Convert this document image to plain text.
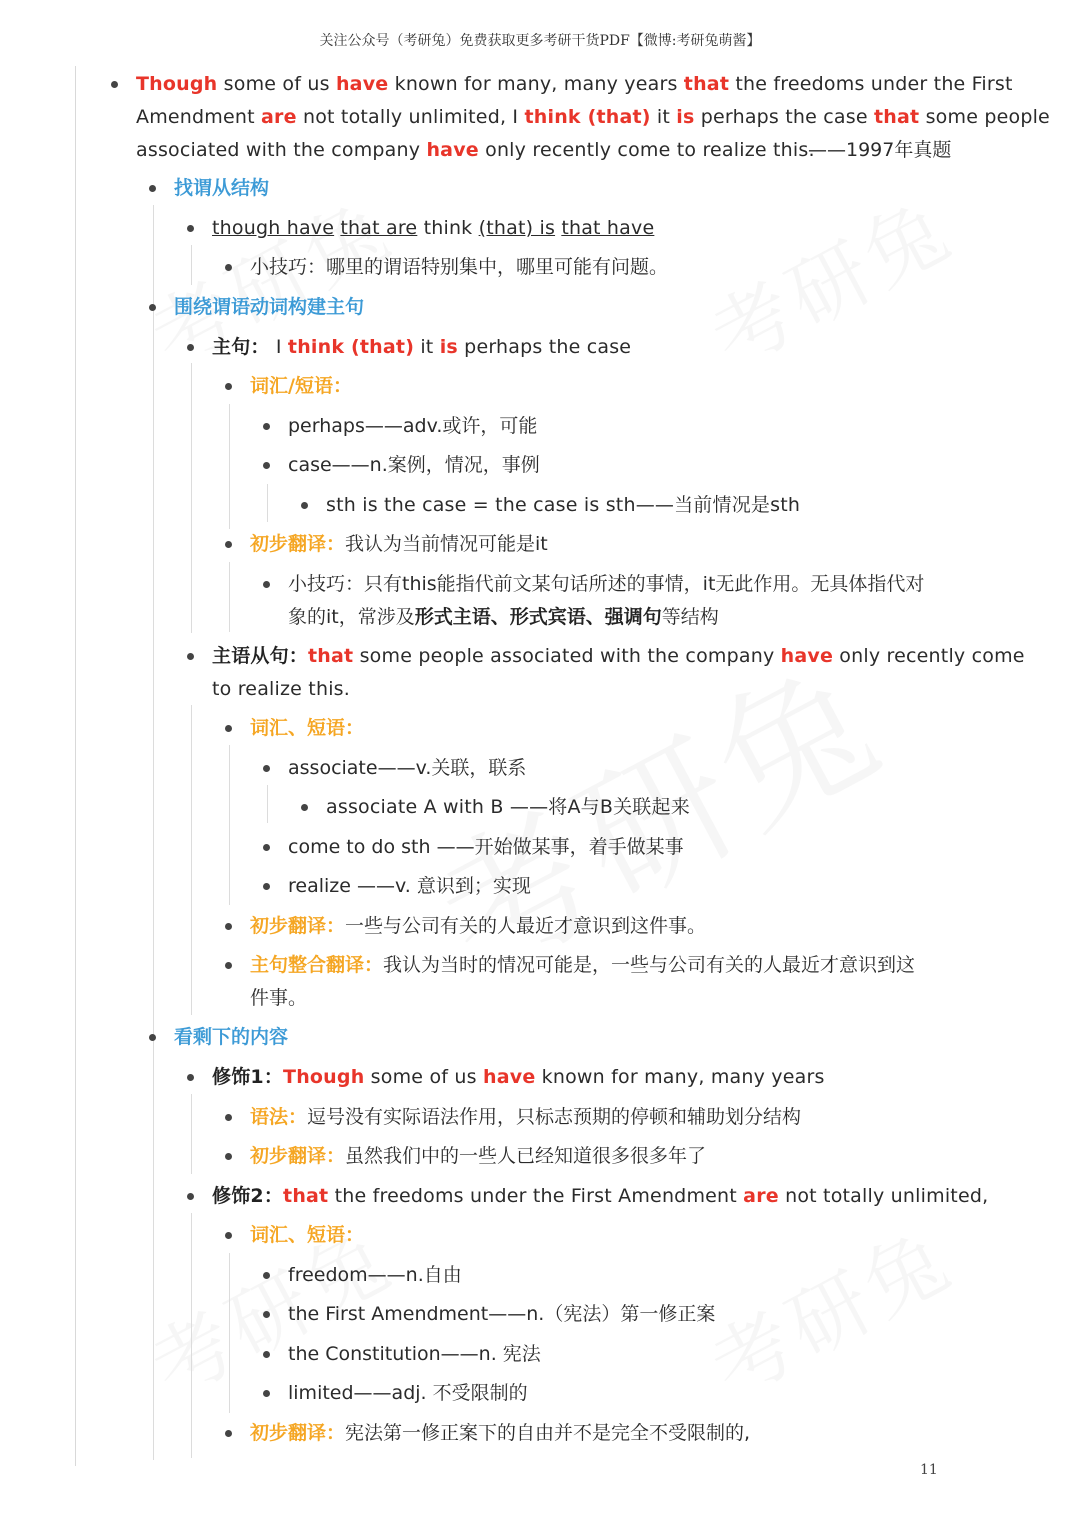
关注公众号（考研兔）免费获取更多考研干货PDF【微博:考研兔萌酱】
Though some of us have known for many, many years that the freedoms under the First
Amendment are not totally unlimited, I think (that) it is perhaps the case that some people
associated with the company have only recently come to realize this.
——1997年真题
找谓从结构
though have that are think (that) is that have
小技巧：哪里的谓语特别集中，哪里可能有问题。
围绕谓语动词构建主句
主句： I think (that) it is perhaps the case
词汇/短语：
perhaps——adv.或许，可能
case——n.案例，情况，事例
sth is the case = the case is sth——当前情况是sth
初步翻译：我认为当前情况可能是it
小技巧：只有this能指代前文某句话所述的事情，it无此作用。无具体指代对
象的it，常涉及形式主语、形式宾语、强调句等结构
主语从句：that some people associated with the company have only recently come
to realize this.
词汇、短语：
associate——v.关联，联系
associate A with B ——将A与B关联起来
come to do sth ——开始做某事，着手做某事
realize ——v. 意识到；实现
初步翻译：一些与公司有关的人最近才意识到这件事。
主句整合翻译：我认为当时的情况可能是，一些与公司有关的人最近才意识到这
件事。
看剩下的内容
修饰1：Though some of us have known for many, many years
语法：逗号没有实际语法作用，只标志预期的停顿和辅助划分结构
初步翻译：虽然我们中的一些人已经知道很多很多年了
修饰2：that the freedoms under the First Amendment are not totally unlimited,
词汇、短语：
freedom——n.自由
the First Amendment——n.（宪法）第一修正案
the Constitution——n. 宪法
limited——adj. 不受限制的
初步翻译：宪法第一修正案下的自由并不是完全不受限制的,
11
